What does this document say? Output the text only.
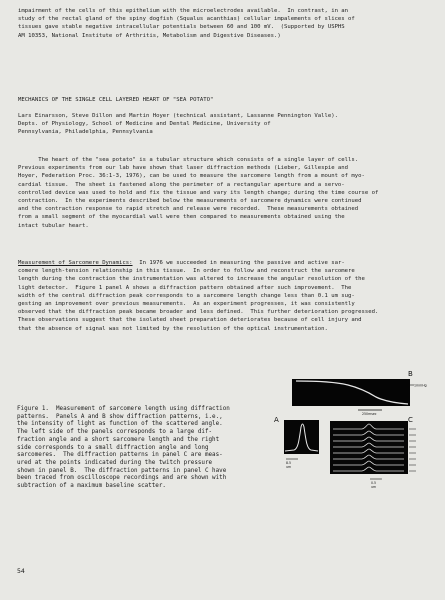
impairment of the cells of this epithelium with the microelectrodes available.  In contrast, in an
study of the rectal gland of the spiny dogfish (Squalus acanthias) cellular impalements of slices of
tissues gave stable negative intracellular potentials between 60 and 100 mV.  (Supported by USPHS
AM 10353, National Institute of Arthritis, Metabolism and Digestive Diseases.)
MECHANICS OF THE SINGLE CELL LAYERED HEART OF "SEA POTATO"
Lars Einarsson, Steve Dillon and Martin Hoyer (technical assistant, Lassanne Pennington Valle).
Depts. of Physiology, School of Medicine and Dental Medicine, University of
Pennsylvania, Philadelphia, Pennsylvania
The heart of the "sea potato" is a tubular structure which consists of a single layer of cells.
Previous experiments from our lab have shown that laser diffraction methods (Lieber, Gillespie and
Hoyer, Federation Proc. 36:1-3, 1976), can be used to measure the sarcomere length from a mount of myo-
cardial tissue.  The sheet is fastened along the perimeter of a rectangular aperture and a servo-
controlled device was used to hold and fix the tissue and vary its length change; during the time course of
contraction.  In the experiments described below the measurements of sarcomere dynamics were continued
and the contraction response to rapid stretch and release were recorded.  These measurements obtained
from a small segment of the myocardial wall were then compared to measurements obtained using the
intact tubular heart.
Measurement of Sarcomere Dynamics:  In 1976 we succeeded in measuring the passive and active sar-
comere length-tension relationship in this tissue.  In order to follow and reconstruct the sarcomere
length during the contraction the instrumentation was altered to increase the angular resolution of the
light detector.  Figure 1 panel A shows a diffraction pattern obtained after such improvement.  The
width of the central diffraction peak corresponds to a sarcomere length change less than 0.1 um sug-
gesting an improvement over previous measurements.  As an experiment progresses, it was consistently
observed that the diffraction peak became broader and less defined.  This further deterioration progressed.
These observations suggest that the isolated sheet preparation deteriorates because of cell injury and
that the absence of signal was not limited by the resolution of the optical instrumentation.
Figure 1.  Measurement of sarcomere length using diffraction
patterns.  Panels A and B show diffraction patterns, i.e.,
the intensity of light as function of the scattered angle.
The left side of the panels corresponds to a large dif-
fraction angle and a short sarcomere length and the right
side corresponds to a small diffraction angle and long
sarcomeres.  The diffraction patterns in panel C are meas-
ured at the points indicated during the twitch pressure
shown in panel B.  The diffraction patterns in panel C have
been traced from oscilloscope recordings and are shown with
subtraction of a maximum baseline scatter.
B
1mmHg
250msec
A
8.5
um
C
0.5
um
54
